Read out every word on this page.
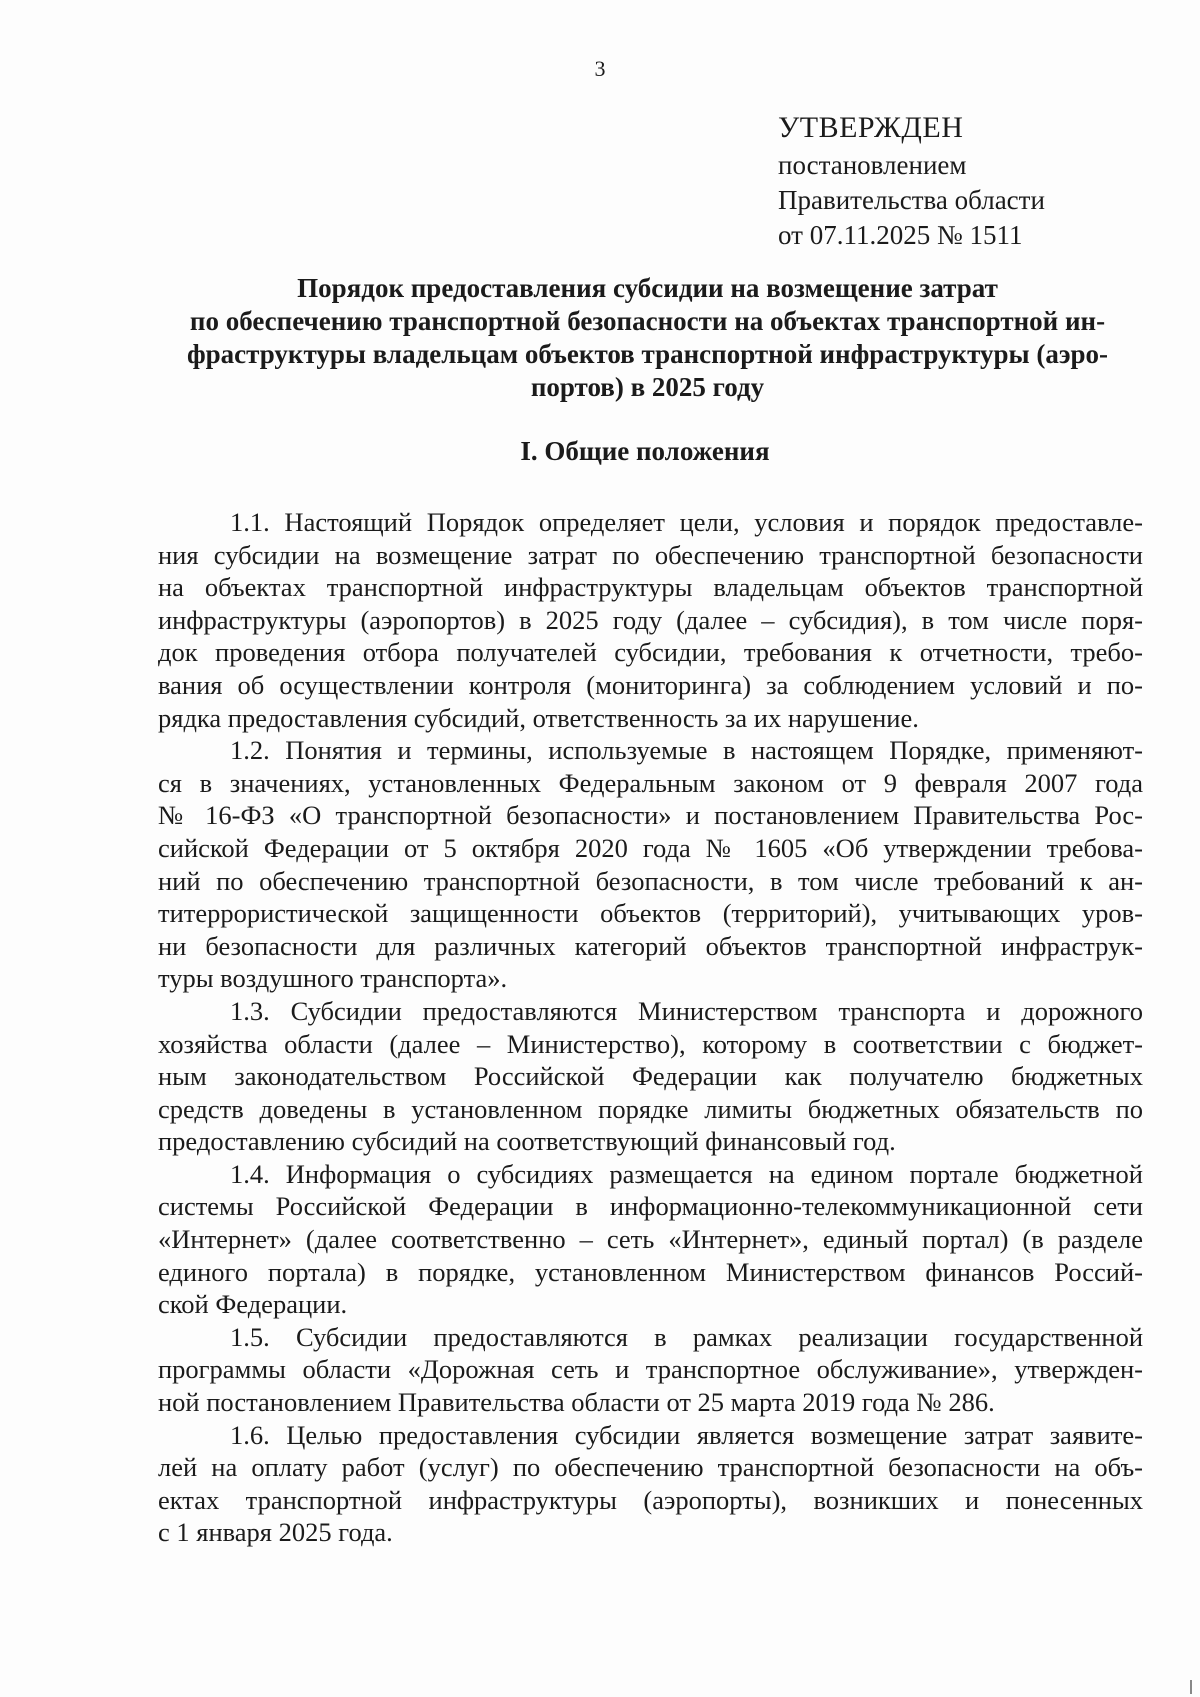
3
УТВЕРЖДЕН
постановлением
Правительства области
от 07.11.2025 № 1511
Порядок предоставления субсидии на возмещение затрат
по обеспечению транспортной безопасности на объектах транспортной ин-
фраструктуры владельцам объектов транспортной инфраструктуры (аэро-
портов) в 2025 году
I. Общие положения

1.1. Настоящий Порядок определяет цели, условия и порядок предоставле-
ния субсидии на возмещение затрат по обеспечению транспортной безопасности
на объектах транспортной инфраструктуры владельцам объектов транспортной
инфраструктуры (аэропортов) в 2025 году (далее – субсидия), в том числе поря-
док проведения отбора получателей субсидии, требования к отчетности, требо-
вания об осуществлении контроля (мониторинга) за соблюдением условий и по-
рядка предоставления субсидий, ответственность за их нарушение.

1.2. Понятия и термины, используемые в настоящем Порядке, применяют-
ся в значениях, установленных Федеральным законом от 9 февраля 2007 года
№ 16-ФЗ «О транспортной безопасности» и постановлением Правительства Рос-
сийской Федерации от 5 октября 2020 года № 1605 «Об утверждении требова-
ний по обеспечению транспортной безопасности, в том числе требований к ан-
титеррористической защищенности объектов (территорий), учитывающих уров-
ни безопасности для различных категорий объектов транспортной инфраструк-
туры воздушного транспорта».

1.3. Субсидии предоставляются Министерством транспорта и дорожного
хозяйства области (далее – Министерство), которому в соответствии с бюджет-
ным законодательством Российской Федерации как получателю бюджетных
средств доведены в установленном порядке лимиты бюджетных обязательств по
предоставлению субсидий на соответствующий финансовый год.

1.4. Информация о субсидиях размещается на едином портале бюджетной
системы Российской Федерации в информационно-телекоммуникационной сети
«Интернет» (далее соответственно – сеть «Интернет», единый портал) (в разделе
единого портала) в порядке, установленном Министерством финансов Россий-
ской Федерации.

1.5. Субсидии предоставляются в рамках реализации государственной
программы области «Дорожная сеть и транспортное обслуживание», утвержден-
ной постановлением Правительства области от 25 марта 2019 года № 286.

1.6. Целью предоставления субсидии является возмещение затрат заявите-
лей на оплату работ (услуг) по обеспечению транспортной безопасности на объ-
ектах транспортной инфраструктуры (аэропорты), возникших и понесенных
с 1 января 2025 года.
